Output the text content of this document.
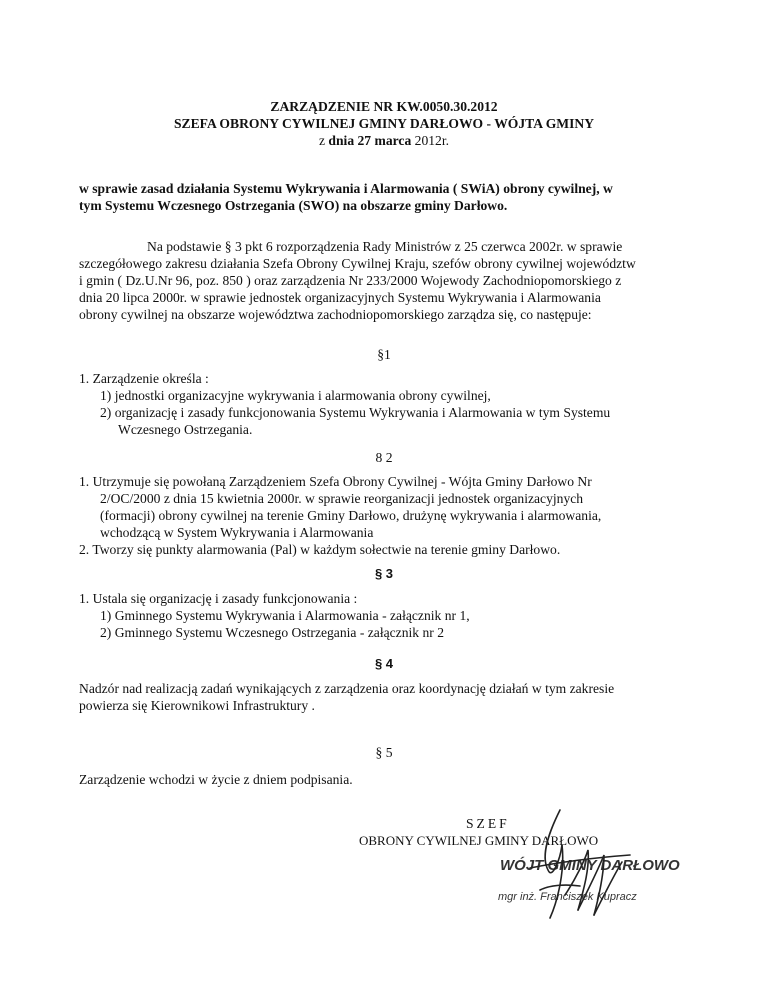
ZARZĄDZENIE NR KW.0050.30.2012
SZEFA OBRONY CYWILNEJ GMINY DARŁOWO - WÓJTA GMINY
z dnia 27 marca 2012r.
w sprawie zasad działania Systemu Wykrywania i Alarmowania ( SWiA) obrony cywilnej, w
tym Systemu Wczesnego Ostrzegania (SWO) na obszarze gminy Darłowo.
Na podstawie § 3 pkt 6 rozporządzenia Rady Ministrów z 25 czerwca 2002r. w sprawie
szczegółowego zakresu działania Szefa Obrony Cywilnej Kraju, szefów obrony cywilnej województw
i gmin ( Dz.U.Nr 96, poz. 850 ) oraz zarządzenia Nr 233/2000 Wojewody Zachodniopomorskiego z
dnia 20 lipca 2000r. w sprawie jednostek organizacyjnych Systemu Wykrywania i Alarmowania
obrony cywilnej na obszarze województwa zachodniopomorskiego zarządza się, co następuje:
§1
1. Zarządzenie określa :
1) jednostki organizacyjne wykrywania i alarmowania obrony cywilnej,
2) organizację i zasady funkcjonowania Systemu Wykrywania i Alarmowania w tym Systemu
Wczesnego Ostrzegania.
8 2
1. Utrzymuje się powołaną Zarządzeniem Szefa Obrony Cywilnej - Wójta Gminy Darłowo Nr
2/OC/2000 z dnia 15 kwietnia 2000r. w sprawie reorganizacji jednostek organizacyjnych
(formacji) obrony cywilnej na terenie Gminy Darłowo, drużynę wykrywania i alarmowania,
wchodzącą w System Wykrywania i Alarmowania
2. Tworzy się punkty alarmowania (Pal) w każdym sołectwie na terenie gminy Darłowo.
§ 3
1. Ustala się organizację i zasady funkcjonowania :
1) Gminnego Systemu Wykrywania i Alarmowania - załącznik nr 1,
2) Gminnego Systemu Wczesnego Ostrzegania - załącznik nr 2
§ 4
Nadzór nad realizacją zadań wynikających z zarządzenia oraz koordynację działań w tym zakresie
powierza się Kierownikowi Infrastruktury .
§ 5
Zarządzenie wchodzi w życie z dniem podpisania.
SZEF
OBRONY CYWILNEJ GMINY DARŁOWO
WÓJT GMINY DARŁOWO
mgr inż. Franciszek Kupracz
